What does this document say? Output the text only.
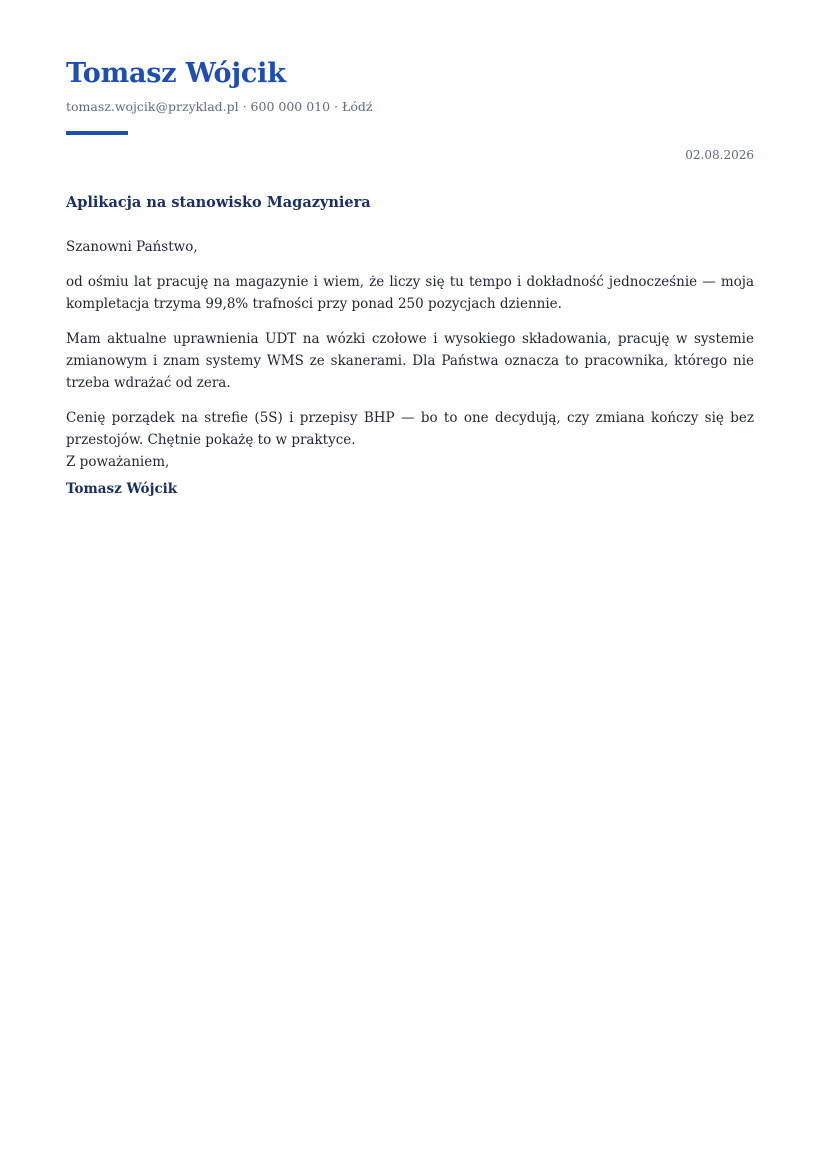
Tomasz Wójcik
tomasz.wojcik@przyklad.pl · 600 000 010 · Łódź
02.08.2026
Aplikacja na stanowisko Magazyniera

Szanowni Państwo,

od ośmiu lat pracuję na magazynie i wiem, że liczy się tu tempo i dokładność jednocześnie — moja kompletacja trzyma 99,8% trafności przy ponad 250 pozycjach dziennie.

Mam aktualne uprawnienia UDT na wózki czołowe i wysokiego składowania, pracuję w systemie zmianowym i znam systemy WMS ze skanerami. Dla Państwa oznacza to pracownika, którego nie trzeba wdrażać od zera.

Cenię porządek na strefie (5S) i przepisy BHP — bo to one decydują, czy zmiana kończy się bez przestojów. Chętnie pokażę to w praktyce.

Z poważaniem,
Tomasz Wójcik
